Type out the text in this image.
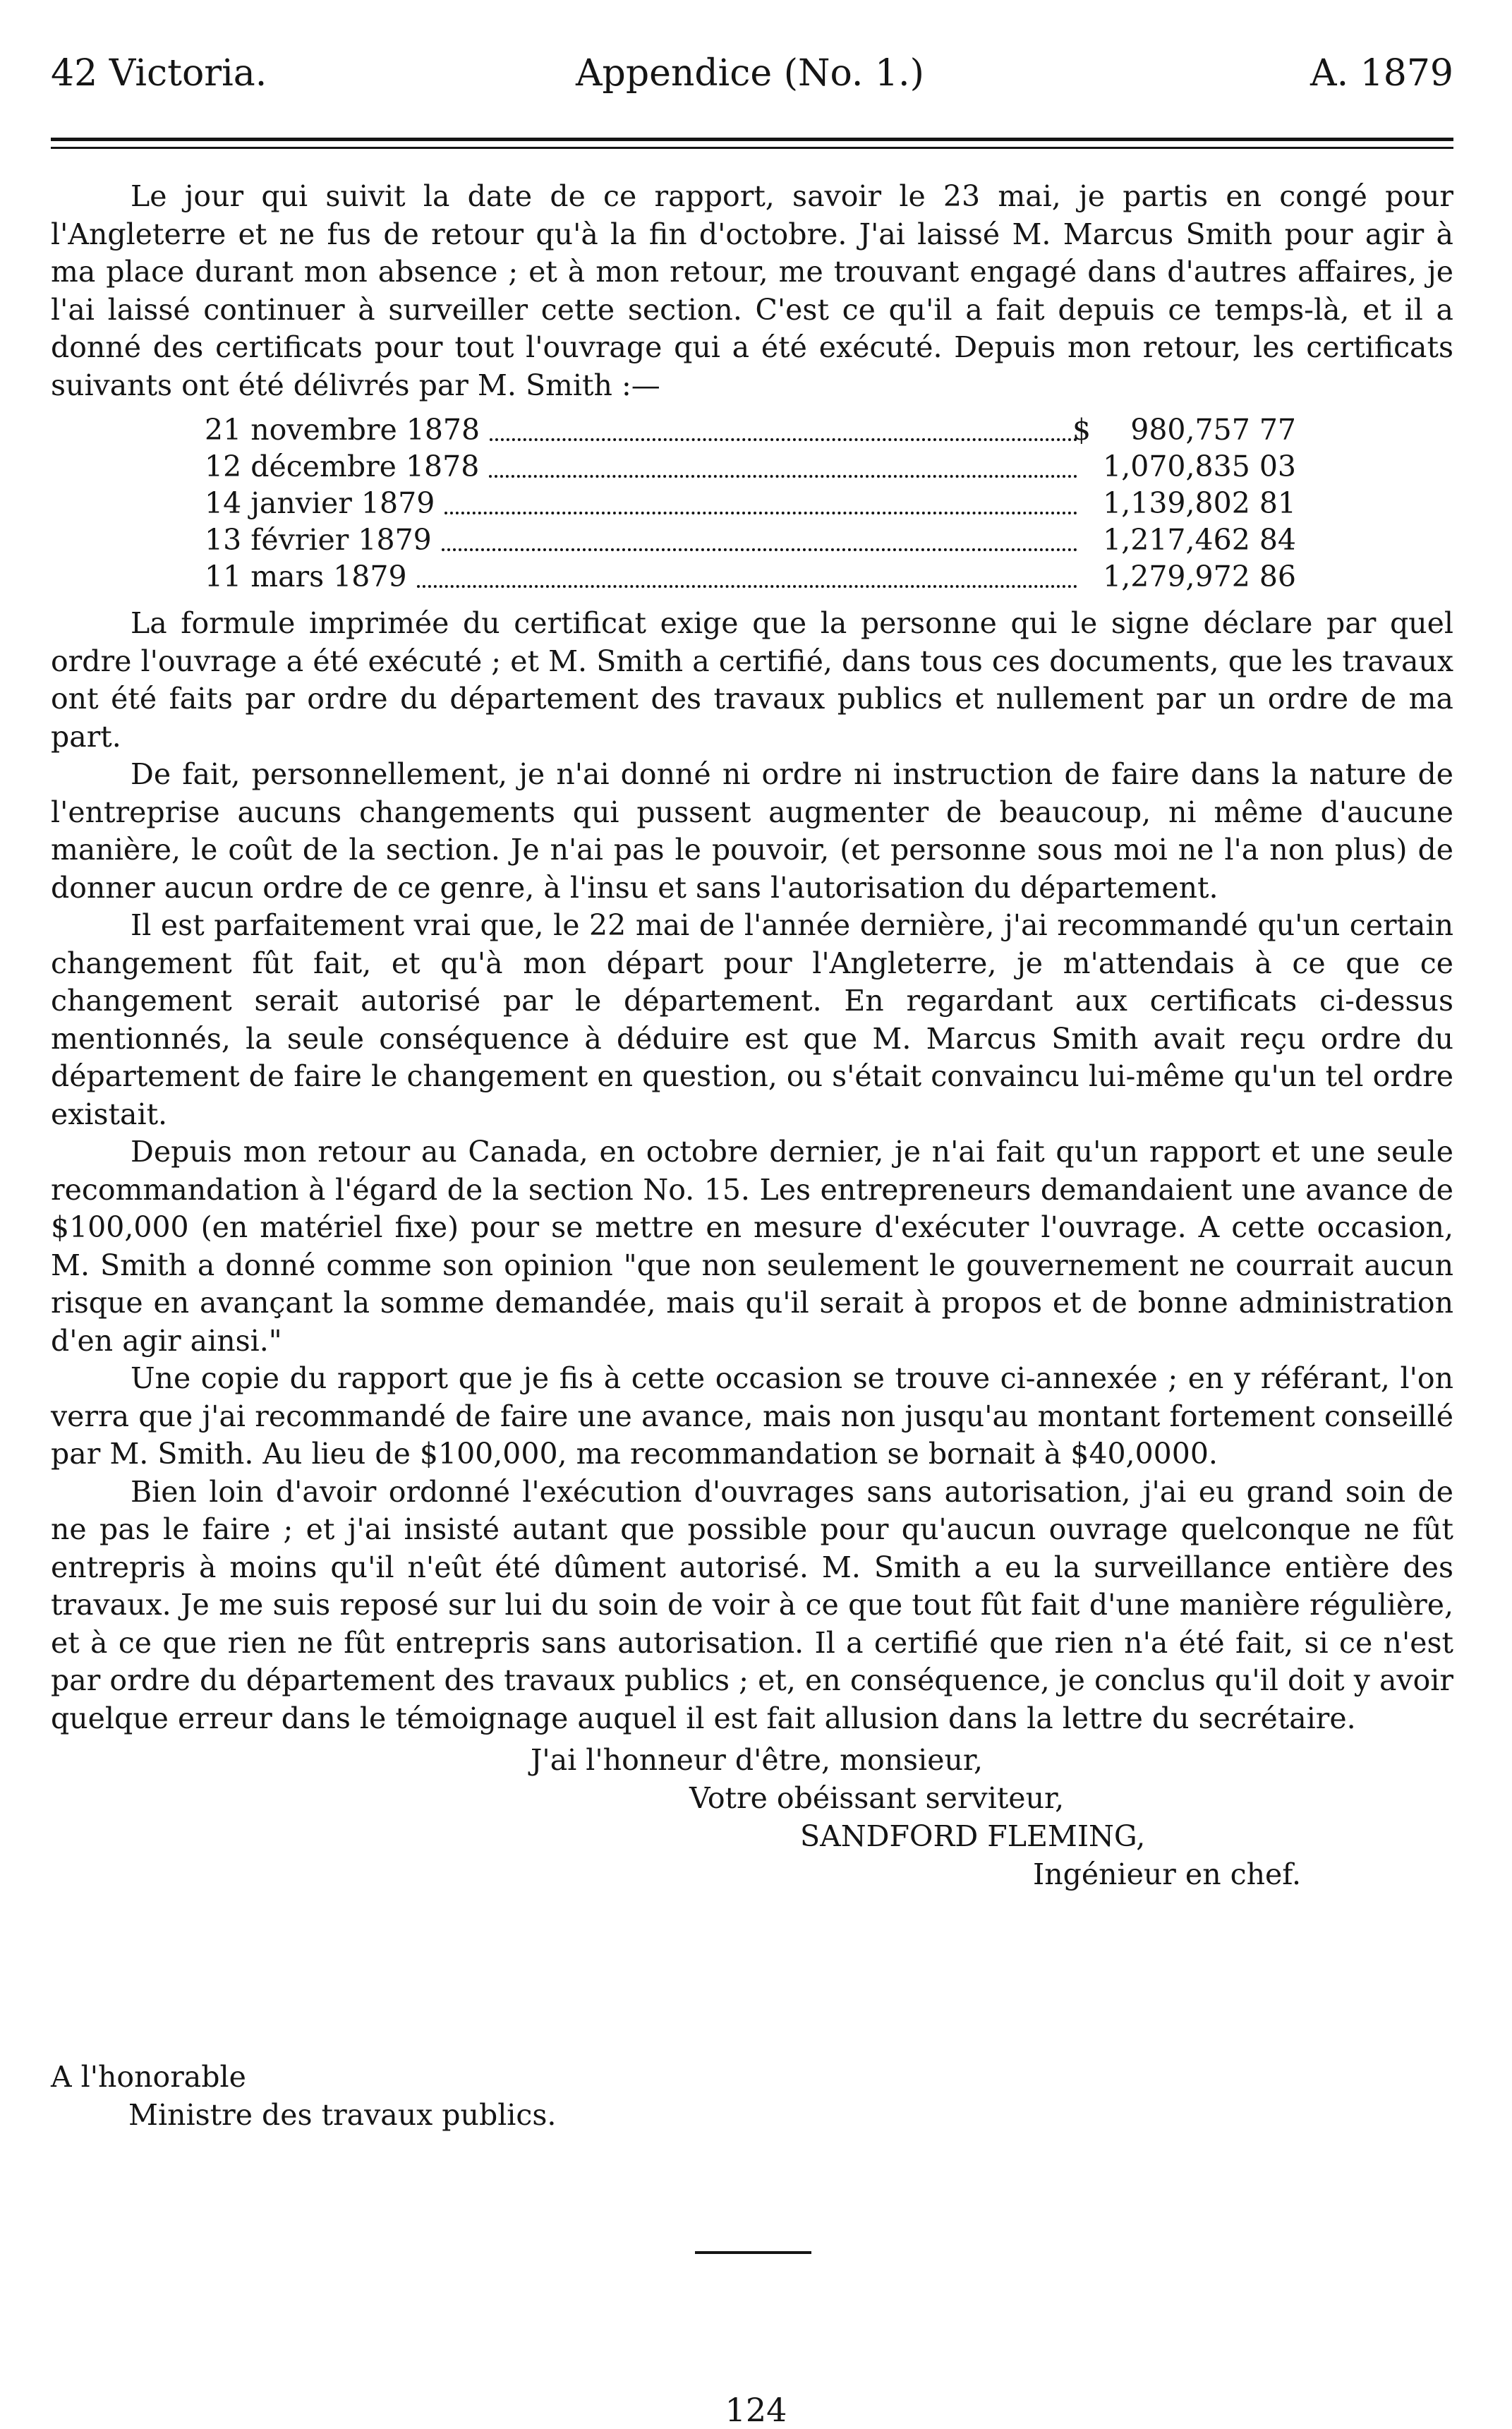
42 Victoria.	Appendice (No. 1.)	A. 1879

Le jour qui suivit la date de ce rapport, savoir le 23 mai, je partis en congé pour l'Angleterre et ne fus de retour qu'à la fin d'octobre. J'ai laissé M. Marcus Smith pour agir à ma place durant mon absence ; et à mon retour, me trouvant engagé dans d'autres affaires, je l'ai laissé continuer à surveiller cette section. C'est ce qu'il a fait depuis ce temps-là, et il a donné des certificats pour tout l'ouvrage qui a été exécuté. Depuis mon retour, les certificats suivants ont été délivrés par M. Smith :—

21 novembre 1878	$ 980,757 77
12 décembre 1878	1,070,835 03
14 janvier 1879	1,139,802 81
13 février 1879	1,217,462 84
11 mars 1879	1,279,972 86

La formule imprimée du certificat exige que la personne qui le signe déclare par quel ordre l'ouvrage a été exécuté ; et M. Smith a certifié, dans tous ces documents, que les travaux ont été faits par ordre du département des travaux publics et nullement par un ordre de ma part.

De fait, personnellement, je n'ai donné ni ordre ni instruction de faire dans la nature de l'entreprise aucuns changements qui pussent augmenter de beaucoup, ni même d'aucune manière, le coût de la section. Je n'ai pas le pouvoir, (et personne sous moi ne l'a non plus) de donner aucun ordre de ce genre, à l'insu et sans l'autorisation du département.

Il est parfaitement vrai que, le 22 mai de l'année dernière, j'ai recommandé qu'un certain changement fût fait, et qu'à mon départ pour l'Angleterre, je m'attendais à ce que ce changement serait autorisé par le département. En regardant aux certificats ci-dessus mentionnés, la seule conséquence à déduire est que M. Marcus Smith avait reçu ordre du département de faire le changement en question, ou s'était convaincu lui-même qu'un tel ordre existait.

Depuis mon retour au Canada, en octobre dernier, je n'ai fait qu'un rapport et une seule recommandation à l'égard de la section No. 15. Les entrepreneurs demandaient une avance de $100,000 (en matériel fixe) pour se mettre en mesure d'exécuter l'ouvrage. A cette occasion, M. Smith a donné comme son opinion "que non seulement le gouvernement ne courrait aucun risque en avançant la somme demandée, mais qu'il serait à propos et de bonne administration d'en agir ainsi."

Une copie du rapport que je fis à cette occasion se trouve ci-annexée ; en y référant, l'on verra que j'ai recommandé de faire une avance, mais non jusqu'au montant fortement conseillé par M. Smith. Au lieu de $100,000, ma recommandation se bornait à $40,0000.

Bien loin d'avoir ordonné l'exécution d'ouvrages sans autorisation, j'ai eu grand soin de ne pas le faire ; et j'ai insisté autant que possible pour qu'aucun ouvrage quelconque ne fût entrepris à moins qu'il n'eût été dûment autorisé. M. Smith a eu la surveillance entière des travaux. Je me suis reposé sur lui du soin de voir à ce que tout fût fait d'une manière régulière, et à ce que rien ne fût entrepris sans autorisation. Il a certifié que rien n'a été fait, si ce n'est par ordre du département des travaux publics ; et, en conséquence, je conclus qu'il doit y avoir quelque erreur dans le témoignage auquel il est fait allusion dans la lettre du secrétaire.

J'ai l'honneur d'être, monsieur,
Votre obéissant serviteur,
SANDFORD FLEMING,
Ingénieur en chef.
A l'honorable
Ministre des travaux publics.
124
